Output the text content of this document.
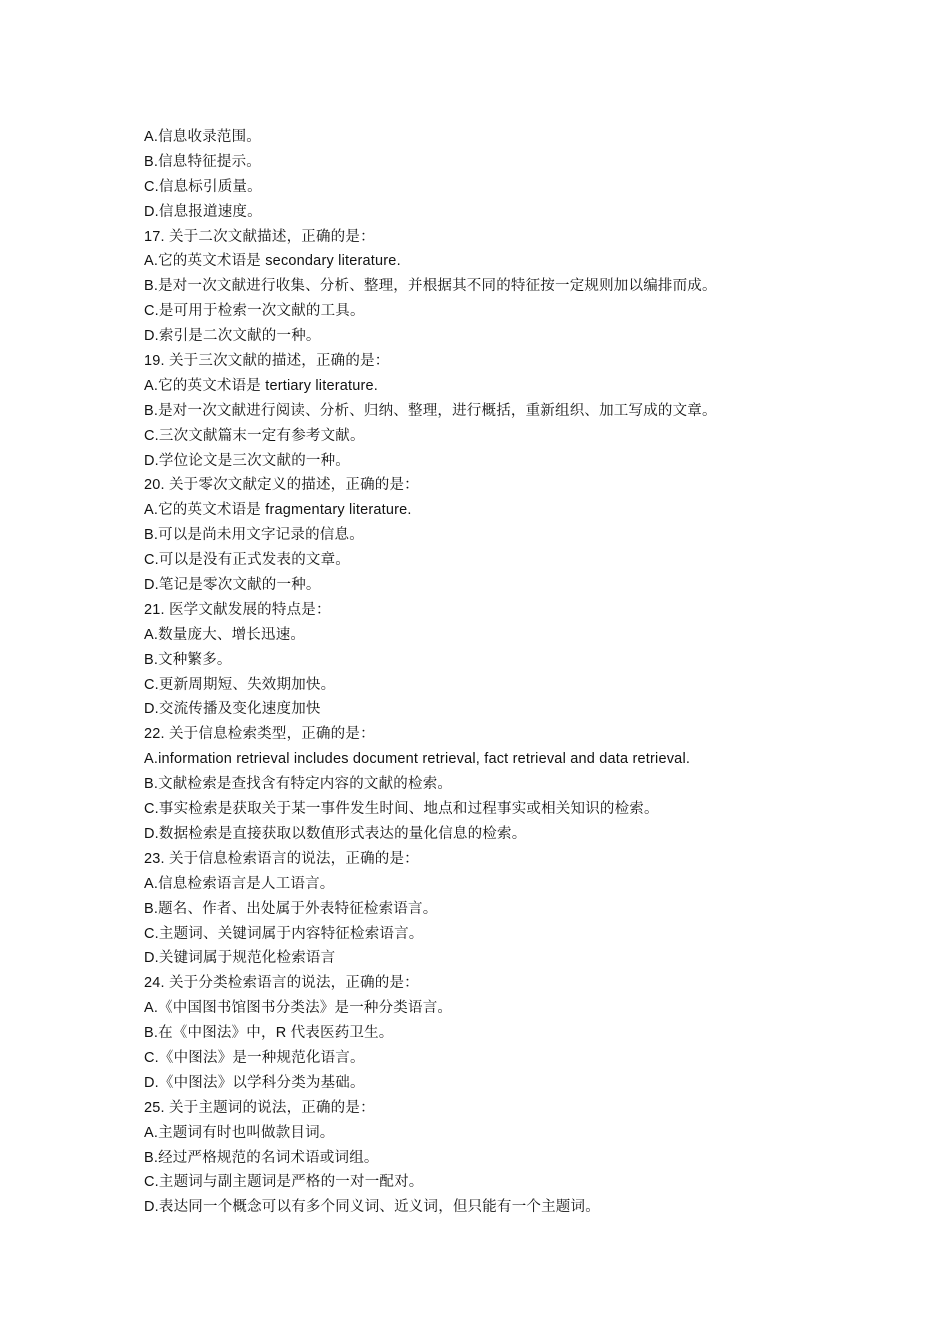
A.信息收录范围。
B.信息特征提示。
C.信息标引质量。
D.信息报道速度。
17. 关于二次文献描述，正确的是：
A.它的英文术语是 secondary literature.
B.是对一次文献进行收集、分析、整理，并根据其不同的特征按一定规则加以编排而成。
C.是可用于检索一次文献的工具。
D.索引是二次文献的一种。
19. 关于三次文献的描述，正确的是：
A.它的英文术语是 tertiary literature.
B.是对一次文献进行阅读、分析、归纳、整理，进行概括，重新组织、加工写成的文章。
C.三次文献篇末一定有参考文献。
D.学位论文是三次文献的一种。
20. 关于零次文献定义的描述，正确的是：
A.它的英文术语是 fragmentary literature.
B.可以是尚未用文字记录的信息。
C.可以是没有正式发表的文章。
D.笔记是零次文献的一种。
21. 医学文献发展的特点是：
A.数量庞大、增长迅速。
B.文种繁多。
C.更新周期短、失效期加快。
D.交流传播及变化速度加快
22. 关于信息检索类型，正确的是：
A.information retrieval includes document retrieval, fact retrieval and data retrieval.
B.文献检索是查找含有特定内容的文献的检索。
C.事实检索是获取关于某一事件发生时间、地点和过程事实或相关知识的检索。
D.数据检索是直接获取以数值形式表达的量化信息的检索。
23. 关于信息检索语言的说法，正确的是：
A.信息检索语言是人工语言。
B.题名、作者、出处属于外表特征检索语言。
C.主题词、关键词属于内容特征检索语言。
D.关键词属于规范化检索语言
24. 关于分类检索语言的说法，正确的是：
A.《中国图书馆图书分类法》是一种分类语言。
B.在《中图法》中，R 代表医药卫生。
C.《中图法》是一种规范化语言。
D.《中图法》以学科分类为基础。
25. 关于主题词的说法，正确的是：
A.主题词有时也叫做款目词。
B.经过严格规范的名词术语或词组。
C.主题词与副主题词是严格的一对一配对。
D.表达同一个概念可以有多个同义词、近义词，但只能有一个主题词。
